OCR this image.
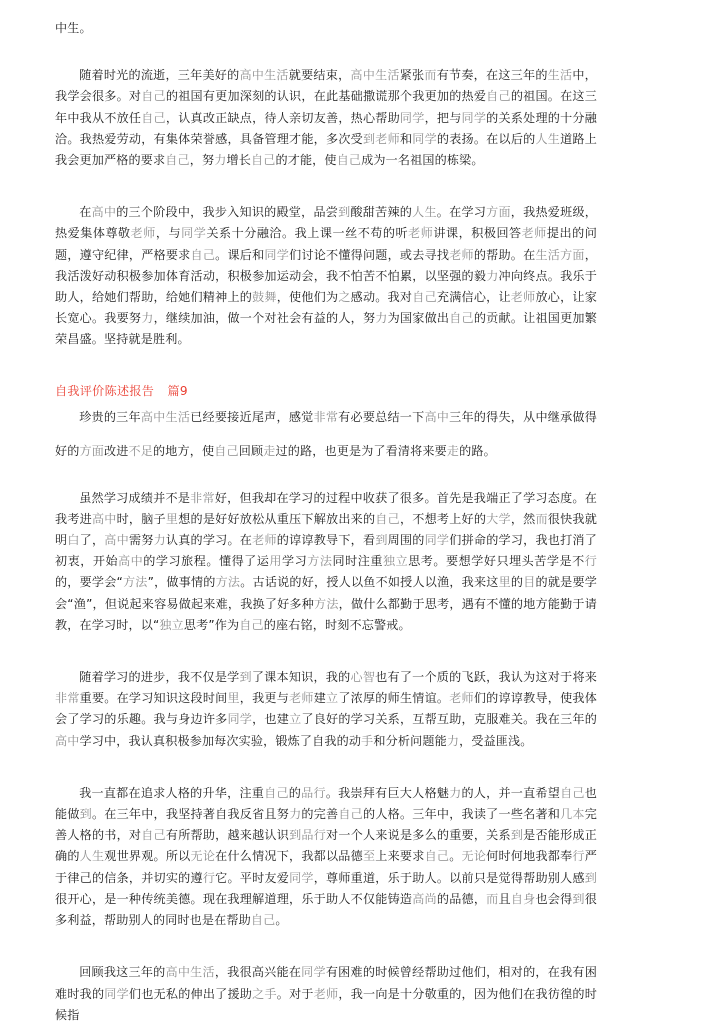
中生。

随着时光的流逝，三年美好的高中生活就要结束，高中生活紧张而有节奏，在这三年的生活中，我学会很多。对自己的祖国有更加深刻的认识，在此基础撒谎那个我更加的热爱自己的祖国。在这三年中我从不放任自己，认真改正缺点，待人亲切友善，热心帮助同学，把与同学的关系处理的十分融洽。我热爱劳动，有集体荣誉感，具备管理才能，多次受到老师和同学的表扬。在以后的人生道路上我会更加严格的要求自己，努力增长自己的才能，使自己成为一名祖国的栋梁。

在高中的三个阶段中，我步入知识的殿堂，品尝到酸甜苦辣的人生。在学习方面，我热爱班级，热爱集体尊敬老师，与同学关系十分融洽。我上课一丝不苟的听老师讲课，积极回答老师提出的问题，遵守纪律，严格要求自己。课后和同学们讨论不懂得问题，或去寻找老师的帮助。在生活方面，我活泼好动积极参加体育活动，积极参加运动会，我不怕苦不怕累，以坚强的毅力冲向终点。我乐于助人，给她们帮助，给她们精神上的鼓舞，使他们为之感动。我对自己充满信心，让老师放心，让家长宽心。我要努力，继续加油，做一个对社会有益的人，努力为国家做出自己的贡献。让祖国更加繁荣昌盛。坚持就是胜利。

自我评价陈述报告 篇9

珍贵的三年高中生活已经要接近尾声，感觉非常有必要总结一下高中三年的得失，从中继承做得好的方面改进不足的地方，使自己回顾走过的路，也更是为了看清将来要走的路。

虽然学习成绩并不是非常好，但我却在学习的过程中收获了很多。首先是我端正了学习态度。在我考进高中时，脑子里想的是好好放松从重压下解放出来的自己，不想考上好的大学，然而很快我就明白了，高中需努力认真的学习。在老师的谆谆教导下，看到周围的同学们拼命的学习，我也打消了初衷，开始高中的学习旅程。懂得了运用学习方法同时注重独立思考。要想学好只埋头苦学是不行的，要学会“方法”，做事情的方法。古话说的好，授人以鱼不如授人以渔，我来这里的目的就是要学会“渔”，但说起来容易做起来难，我换了好多种方法，做什么都勤于思考，遇有不懂的地方能勤于请教，在学习时，以“独立思考”作为自己的座右铭，时刻不忘警戒。

随着学习的进步，我不仅是学到了课本知识，我的心智也有了一个质的飞跃，我认为这对于将来非常重要。在学习知识这段时间里，我更与老师建立了浓厚的师生情谊。老师们的谆谆教导，使我体会了学习的乐趣。我与身边许多同学，也建立了良好的学习关系，互帮互助，克服难关。我在三年的高中学习中，我认真积极参加每次实验，锻炼了自我的动手和分析问题能力，受益匪浅。

我一直都在追求人格的升华，注重自己的品行。我崇拜有巨大人格魅力的人，并一直希望自己也能做到。在三年中，我坚持著自我反省且努力的完善自己的人格。三年中，我读了一些名著和几本完善人格的书，对自己有所帮助，越来越认识到品行对一个人来说是多么的重要，关系到是否能形成正确的人生观世界观。所以无论在什么情况下，我都以品德至上来要求自己。无论何时何地我都奉行严于律己的信条，并切实的遵行它。平时友爱同学，尊师重道，乐于助人。以前只是觉得帮助别人感到很开心，是一种传统美德。现在我理解道理，乐于助人不仅能铸造高尚的品德，而且自身也会得到很多利益，帮助别人的同时也是在帮助自己。

回顾我这三年的高中生活，我很高兴能在同学有困难的时候曾经帮助过他们，相对的，在我有困难时我的同学们也无私的伸出了援助之手。对于老师，我一向是十分敬重的，因为他们在我彷徨的时候指
